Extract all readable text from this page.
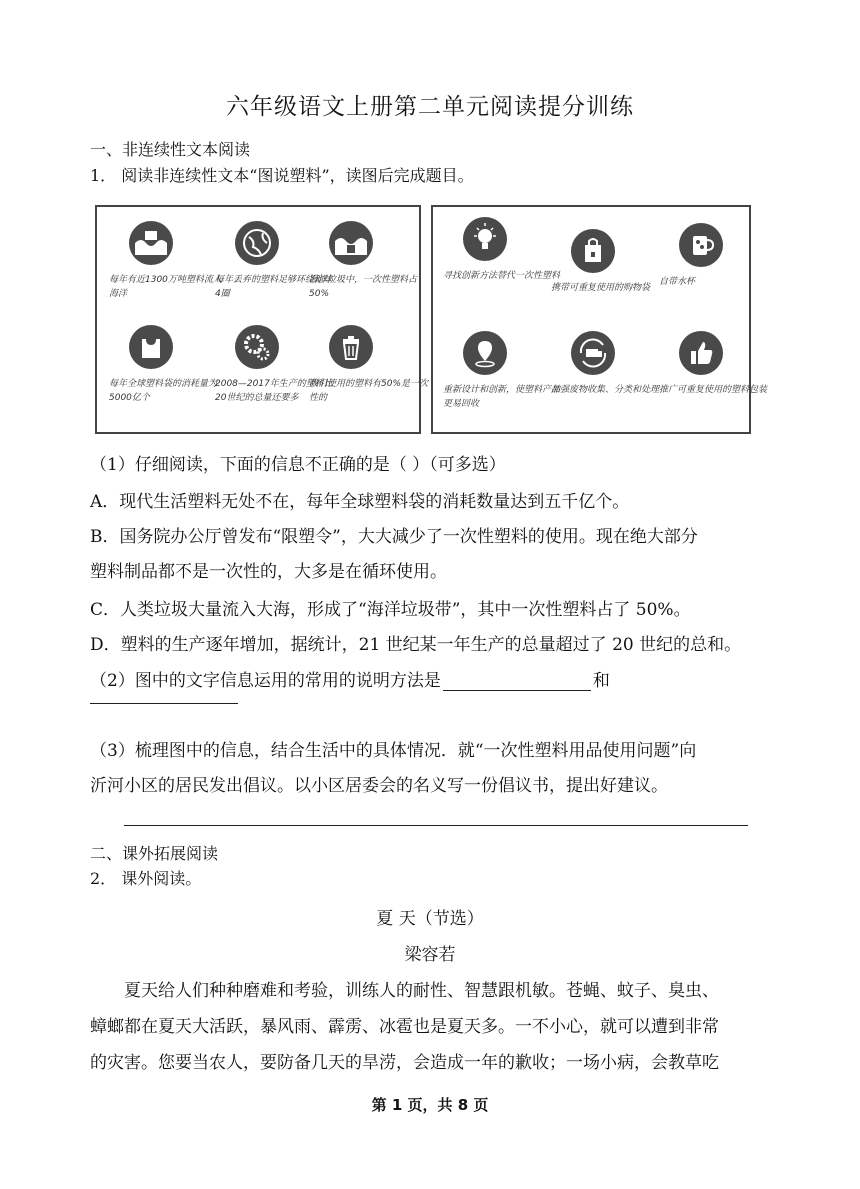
六年级语文上册第二单元阅读提分训练
一、非连续性文本阅读
1． 阅读非连续性文本“图说塑料”，读图后完成题目。
每年有近1300万吨塑料流入海洋
每年丢弃的塑料足够环绕地球4圈
海洋垃圾中，一次性塑料占50%
每年全球塑料袋的消耗量为5000亿个
2008—2017年生产的塑料比20世纪的总量还要多
我们使用的塑料有50%是一次性的
寻找创新方法替代一次性塑料
携带可重复使用的购物袋
自带水杯
重新设计和创新，使塑料产品更易回收
加强废物收集、分类和处理 推广可重复使用的塑料包装
（1）仔细阅读，下面的信息不正确的是（ ）（可多选）
A．现代生活塑料无处不在，每年全球塑料袋的消耗数量达到五千亿个。
B．国务院办公厅曾发布“限塑令”，大大减少了一次性塑料的使用。现在绝大部分
塑料制品都不是一次性的，大多是在循环使用。
C．人类垃圾大量流入大海，形成了“海洋垃圾带”，其中一次性塑料占了 50%。
D．塑料的生产逐年增加，据统计，21 世纪某一年生产的总量超过了 20 世纪的总和。
（2）图中的文字信息运用的常用的说明方法是	和
（3）梳理图中的信息，结合生活中的具体情况．就“一次性塑料用品使用问题”向
沂河小区的居民发出倡议。以小区居委会的名义写一份倡议书，提出好建议。
二、课外拓展阅读
2． 课外阅读。
夏 天（节选）
梁容若
夏天给人们种种磨难和考验，训练人的耐性、智慧跟机敏。苍蝇、蚊子、臭虫、
蟑螂都在夏天大活跃，暴风雨、霹雳、冰雹也是夏天多。一不小心，就可以遭到非常
的灾害。您要当农人，要防备几天的旱涝，会造成一年的歉收；一场小病，会教草吃
第 1 页，共 8 页
